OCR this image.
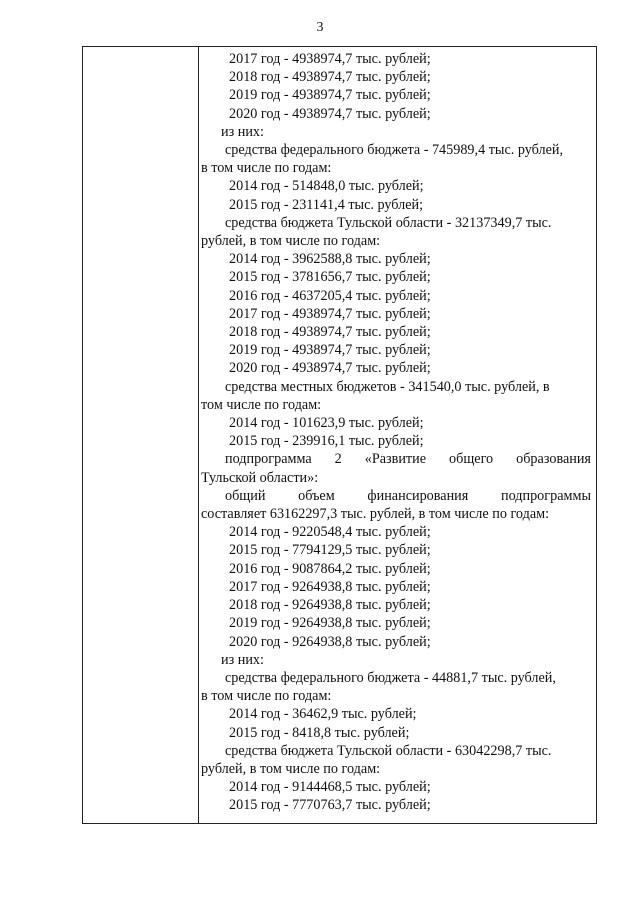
3
2017 год - 4938974,7 тыс. рублей;
2018 год - 4938974,7 тыс. рублей;
2019 год - 4938974,7 тыс. рублей;
2020 год - 4938974,7 тыс. рублей;
из них:
средства федерального бюджета - 745989,4 тыс. рублей,
в том числе по годам:
2014 год - 514848,0 тыс. рублей;
2015 год - 231141,4 тыс. рублей;
средства бюджета Тульской области - 32137349,7 тыс.
рублей, в том числе по годам:
2014 год - 3962588,8 тыс. рублей;
2015 год - 3781656,7 тыс. рублей;
2016 год - 4637205,4 тыс. рублей;
2017 год - 4938974,7 тыс. рублей;
2018 год - 4938974,7 тыс. рублей;
2019 год - 4938974,7 тыс. рублей;
2020 год - 4938974,7 тыс. рублей;
средства местных бюджетов - 341540,0 тыс. рублей, в
том числе по годам:
2014 год - 101623,9 тыс. рублей;
2015 год - 239916,1 тыс. рублей;
подпрограмма 2 «Развитие общего образования
Тульской области»:
общий объем финансирования подпрограммы
составляет 63162297,3 тыс. рублей, в том числе по годам:
2014 год - 9220548,4 тыс. рублей;
2015 год - 7794129,5 тыс. рублей;
2016 год - 9087864,2 тыс. рублей;
2017 год - 9264938,8 тыс. рублей;
2018 год - 9264938,8 тыс. рублей;
2019 год - 9264938,8 тыс. рублей;
2020 год - 9264938,8 тыс. рублей;
из них:
средства федерального бюджета - 44881,7 тыс. рублей,
в том числе по годам:
2014 год - 36462,9 тыс. рублей;
2015 год - 8418,8 тыс. рублей;
средства бюджета Тульской области - 63042298,7 тыс.
рублей, в том числе по годам:
2014 год - 9144468,5 тыс. рублей;
2015 год - 7770763,7 тыс. рублей;
